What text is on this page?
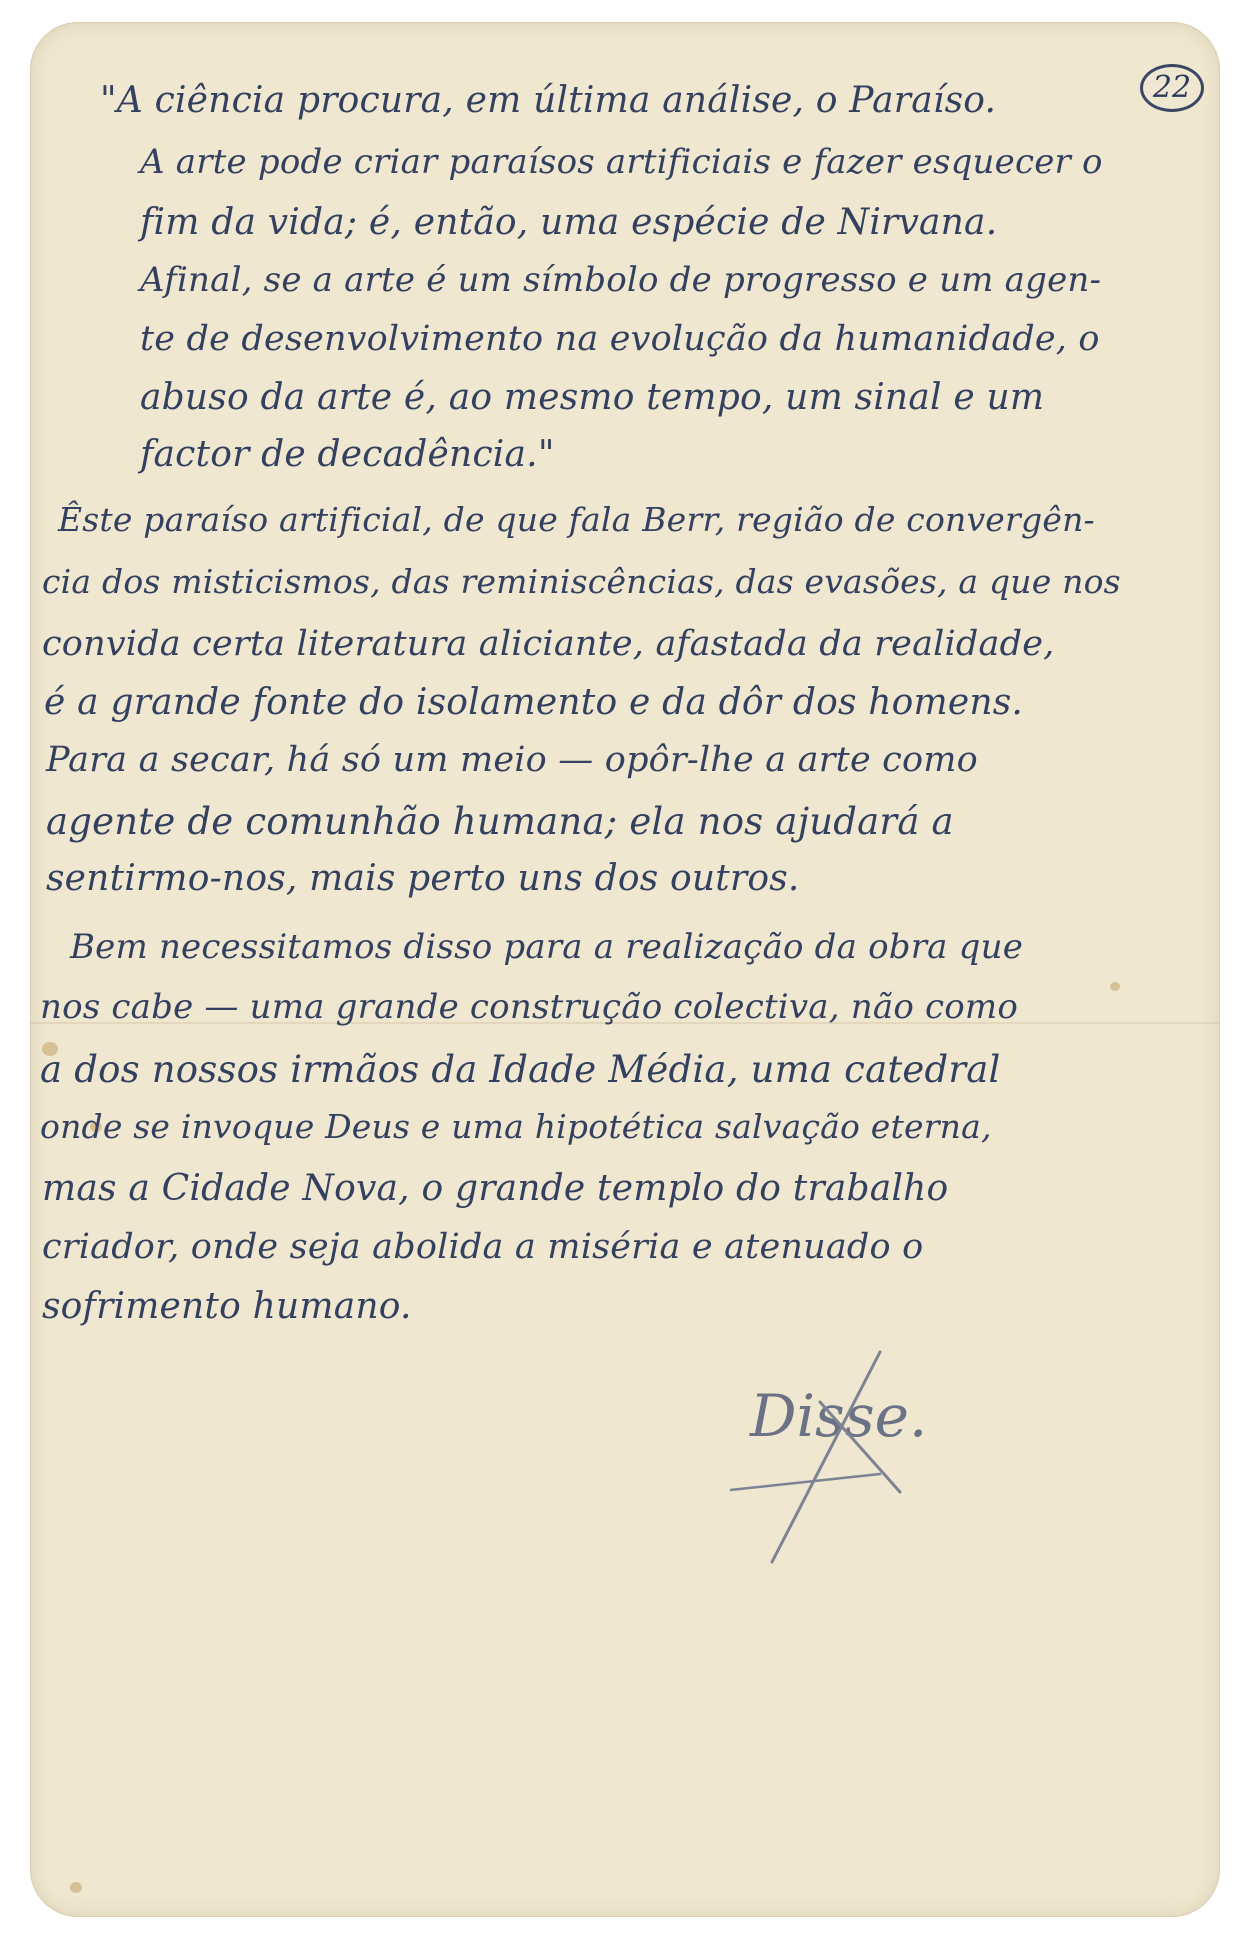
22
"A ciência procura, em última análise, o Paraíso.
A arte pode criar paraísos artificiais e fazer esquecer o
fim da vida; é, então, uma espécie de Nirvana.
Afinal, se a arte é um símbolo de progresso e um agen-
te de desenvolvimento na evolução da humanidade, o
abuso da arte é, ao mesmo tempo, um sinal e um
factor de decadência."
Êste paraíso artificial, de que fala Berr, região de convergên-
cia dos misticismos, das reminiscências, das evasões, a que nos
convida certa literatura aliciante, afastada da realidade,
é a grande fonte do isolamento e da dôr dos homens.
Para a secar, há só um meio — opôr-lhe a arte como
agente de comunhão humana; ela nos ajudará a
sentirmo-nos, mais perto uns dos outros.
Bem necessitamos disso para a realização da obra que
nos cabe — uma grande construção colectiva, não como
a dos nossos irmãos da Idade Média, uma catedral
onde se invoque Deus e uma hipotética salvação eterna,
mas a Cidade Nova, o grande templo do trabalho
criador, onde seja abolida a miséria e atenuado o
sofrimento humano.
Disse.
